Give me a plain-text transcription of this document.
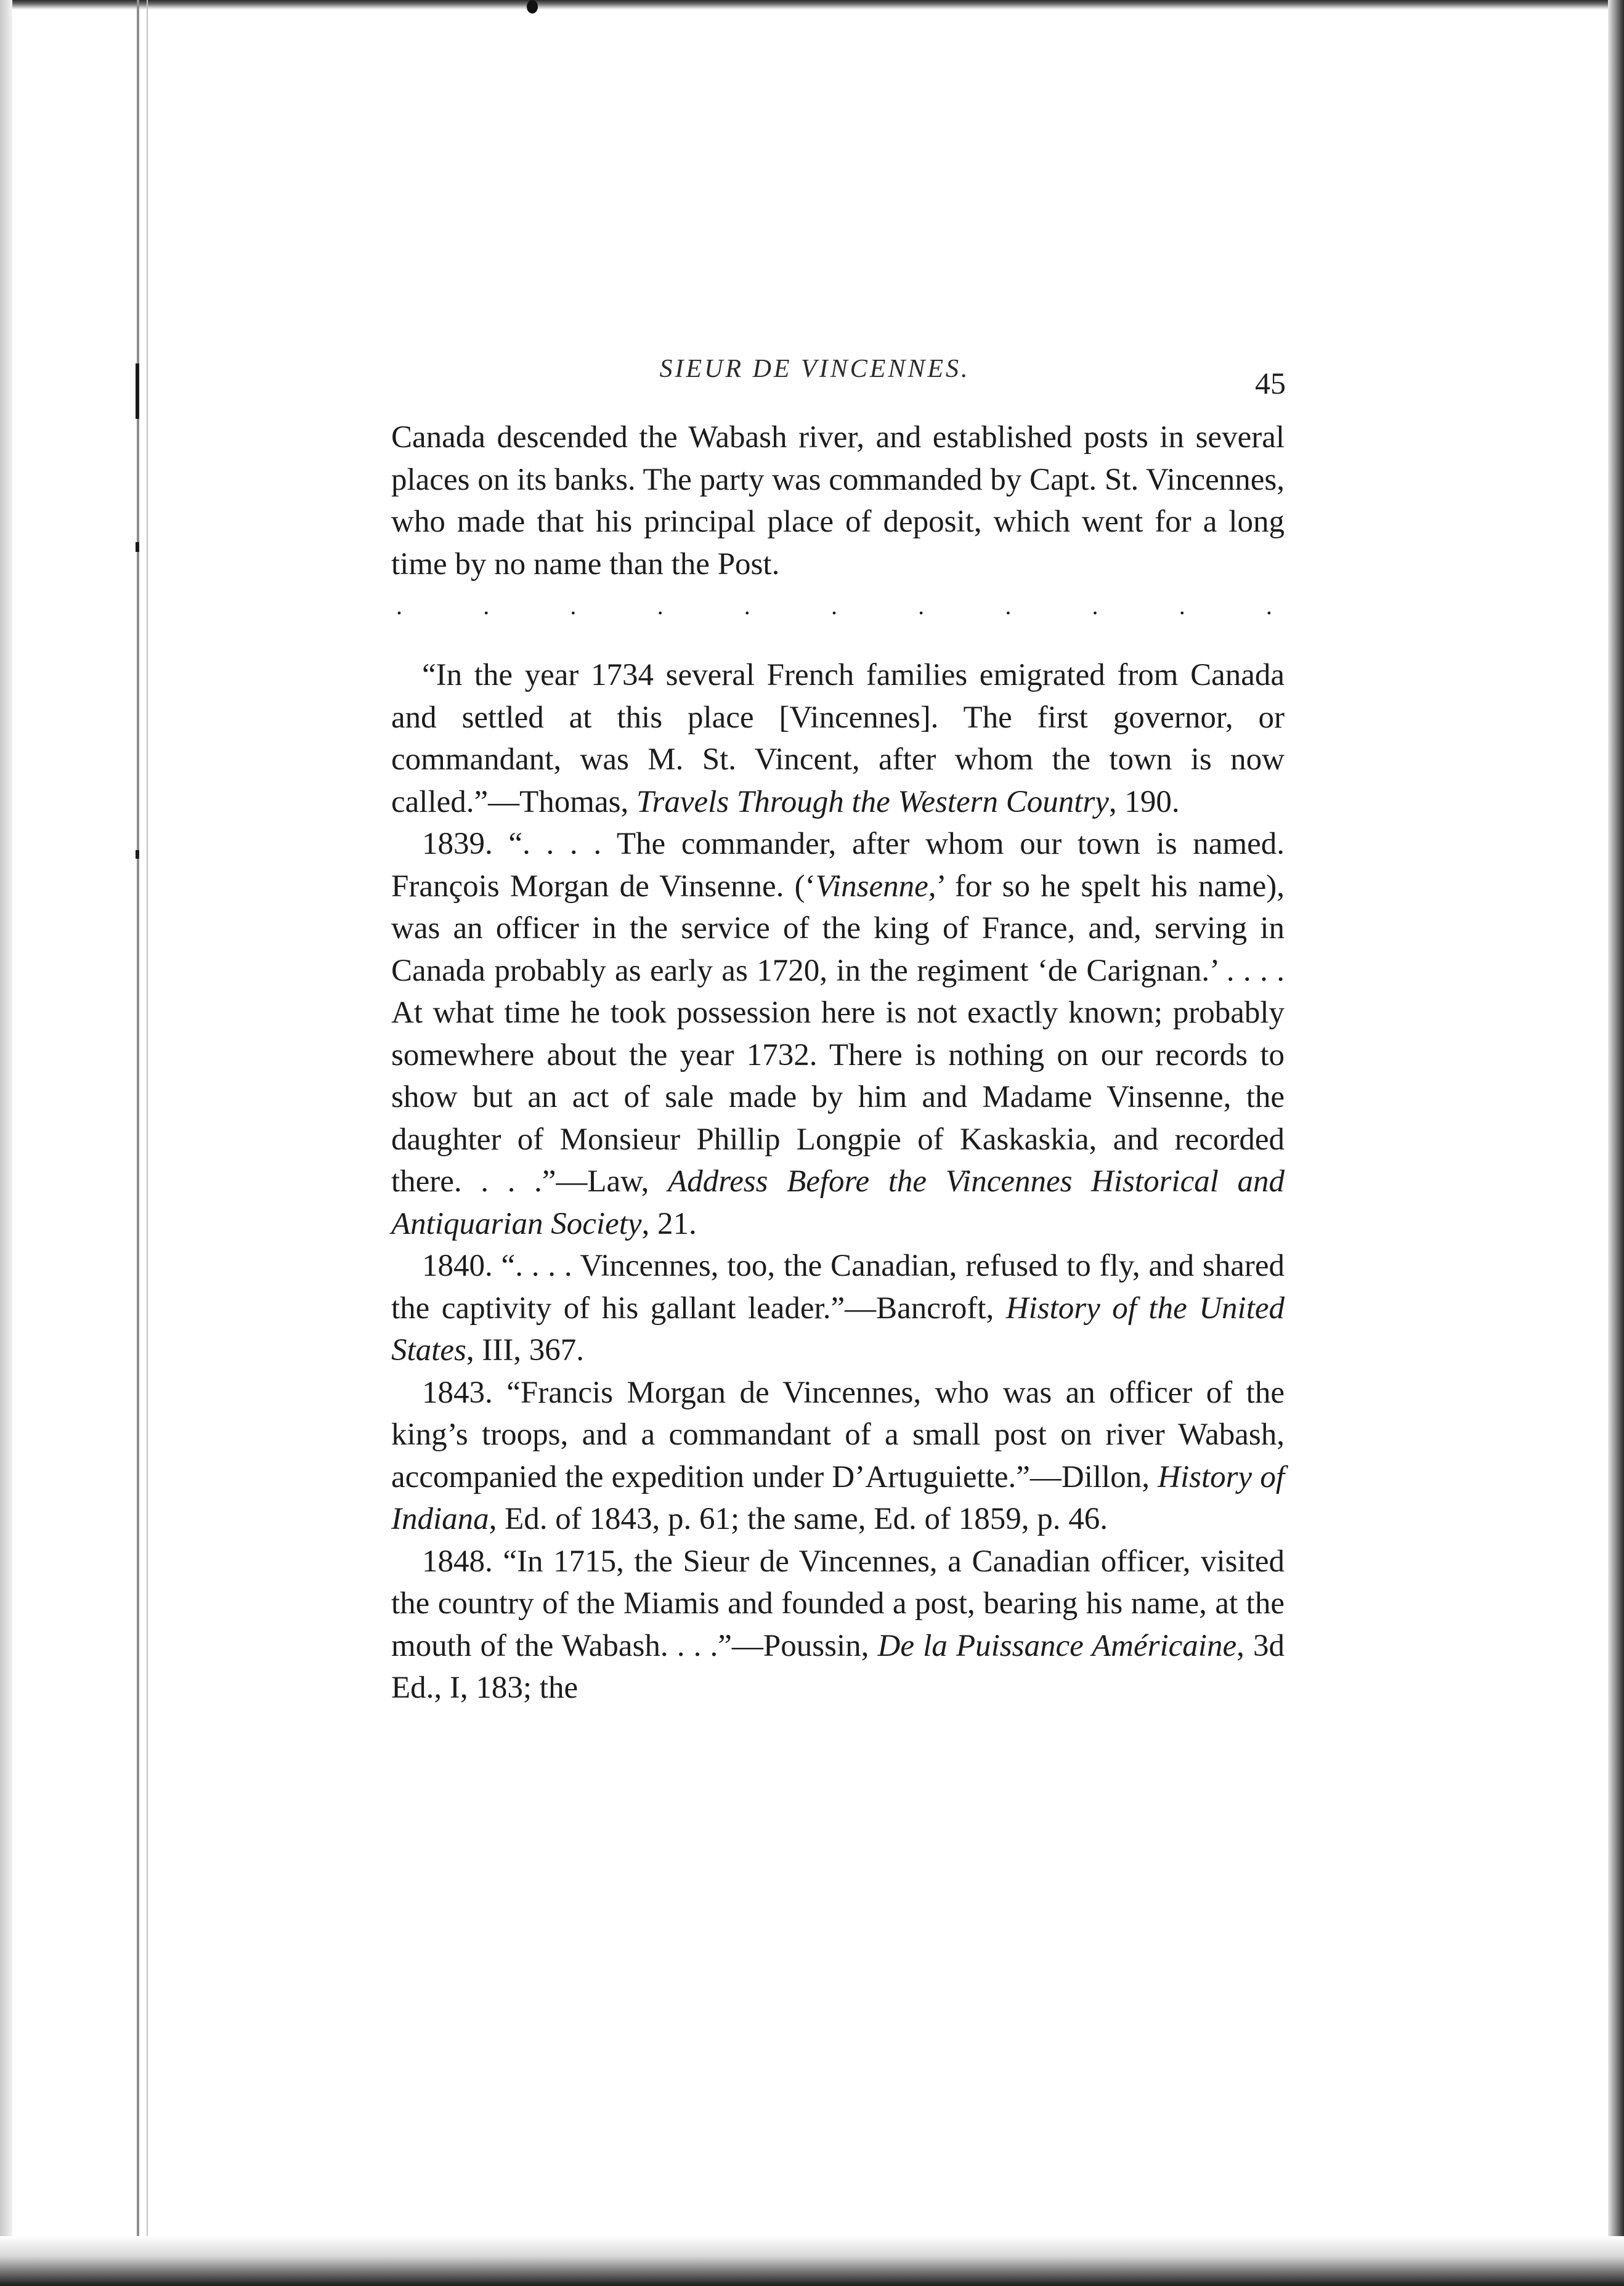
SIEUR DE VINCENNES.	45

Canada descended the Wabash river, and established posts in several places on its banks. The party was commanded by Capt. St. Vincennes, who made that his principal place of deposit, which went for a long time by no name than the Post.

.	.	.	.	.	.	.	.	.	.	.

“In the year 1734 several French families emigrated from Canada and settled at this place [Vincennes]. The first governor, or commandant, was M. St. Vincent, after whom the town is now called.”—Thomas, Travels Through the Western Country, 190.

1839. “. . . . The commander, after whom our town is named. François Morgan de Vinsenne. (‘Vinsenne,’ for so he spelt his name), was an officer in the service of the king of France, and, serving in Canada probably as early as 1720, in the regiment ‘de Carignan.’ . . . . At what time he took possession here is not exactly known; probably somewhere about the year 1732. There is nothing on our records to show but an act of sale made by him and Madame Vinsenne, the daughter of Monsieur Phillip Longpie of Kaskaskia, and recorded there. . . .”—Law, Address Before the Vincennes Historical and Antiquarian Society, 21.

1840. “. . . . Vincennes, too, the Canadian, refused to fly, and shared the captivity of his gallant leader.”—Bancroft, History of the United States, III, 367.

1843. “Francis Morgan de Vincennes, who was an officer of the king’s troops, and a commandant of a small post on river Wabash, accompanied the expedition under D’Artuguiette.”—Dillon, History of Indiana, Ed. of 1843, p. 61; the same, Ed. of 1859, p. 46.

1848. “In 1715, the Sieur de Vincennes, a Canadian officer, visited the country of the Miamis and founded a post, bearing his name, at the mouth of the Wabash. . . .”—Poussin, De la Puissance Américaine, 3d Ed., I, 183; the
